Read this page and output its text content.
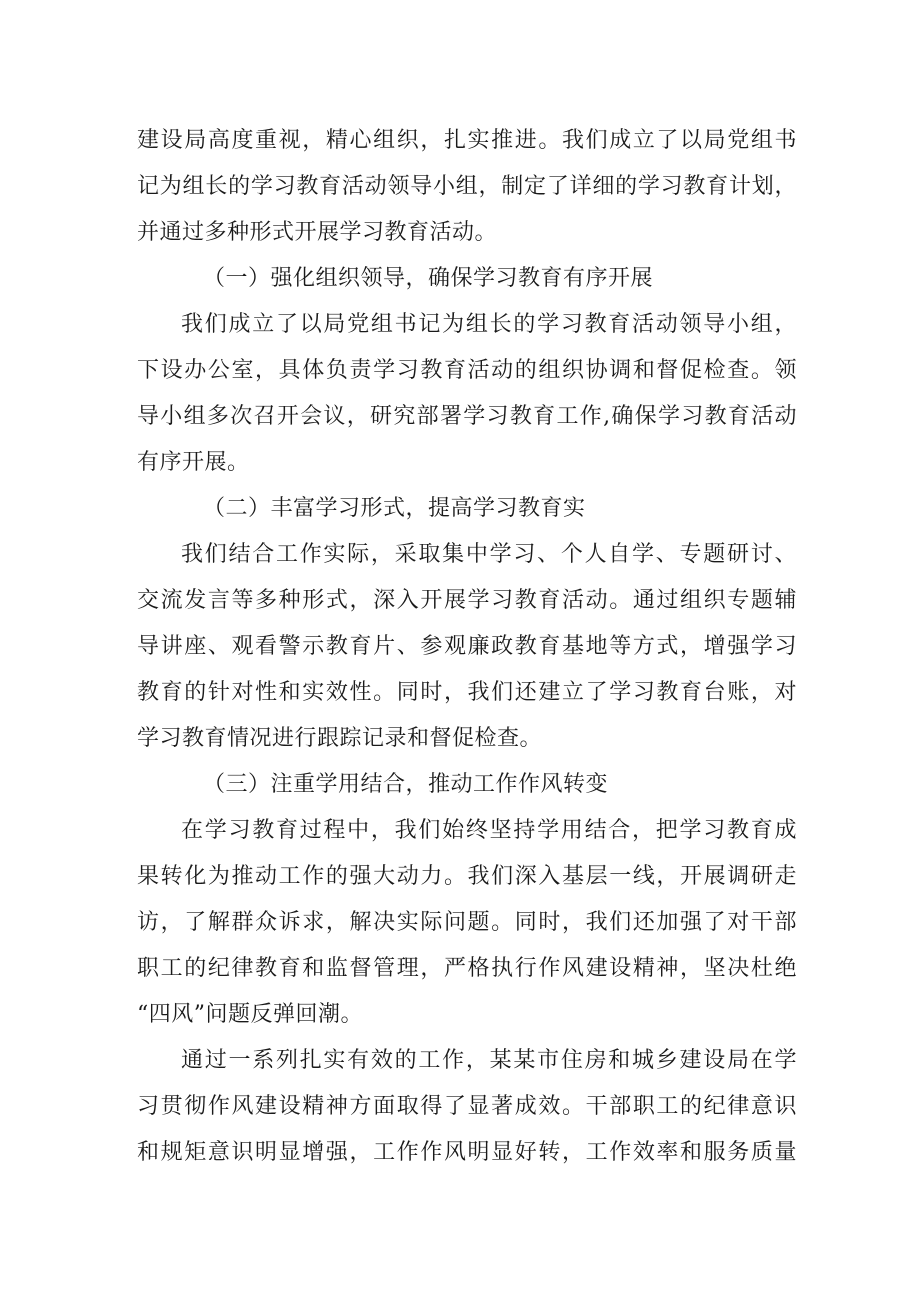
建设局高度重视，精心组织，扎实推进。我们成立了以局党组书
记为组长的学习教育活动领导小组，制定了详细的学习教育计划，
并通过多种形式开展学习教育活动。
（一）强化组织领导，确保学习教育有序开展
我们成立了以局党组书记为组长的学习教育活动领导小组，
下设办公室，具体负责学习教育活动的组织协调和督促检查。领
导小组多次召开会议，研究部署学习教育工作,确保学习教育活动
有序开展。
（二）丰富学习形式，提高学习教育实
我们结合工作实际，采取集中学习、个人自学、专题研讨、
交流发言等多种形式，深入开展学习教育活动。通过组织专题辅
导讲座、观看警示教育片、参观廉政教育基地等方式，增强学习
教育的针对性和实效性。同时，我们还建立了学习教育台账，对
学习教育情况进行跟踪记录和督促检查。
（三）注重学用结合，推动工作作风转变
在学习教育过程中，我们始终坚持学用结合，把学习教育成
果转化为推动工作的强大动力。我们深入基层一线，开展调研走
访，了解群众诉求，解决实际问题。同时，我们还加强了对干部
职工的纪律教育和监督管理，严格执行作风建设精神，坚决杜绝
“四风”问题反弹回潮。
通过一系列扎实有效的工作，某某市住房和城乡建设局在学
习贯彻作风建设精神方面取得了显著成效。干部职工的纪律意识
和规矩意识明显增强，工作作风明显好转，工作效率和服务质量
